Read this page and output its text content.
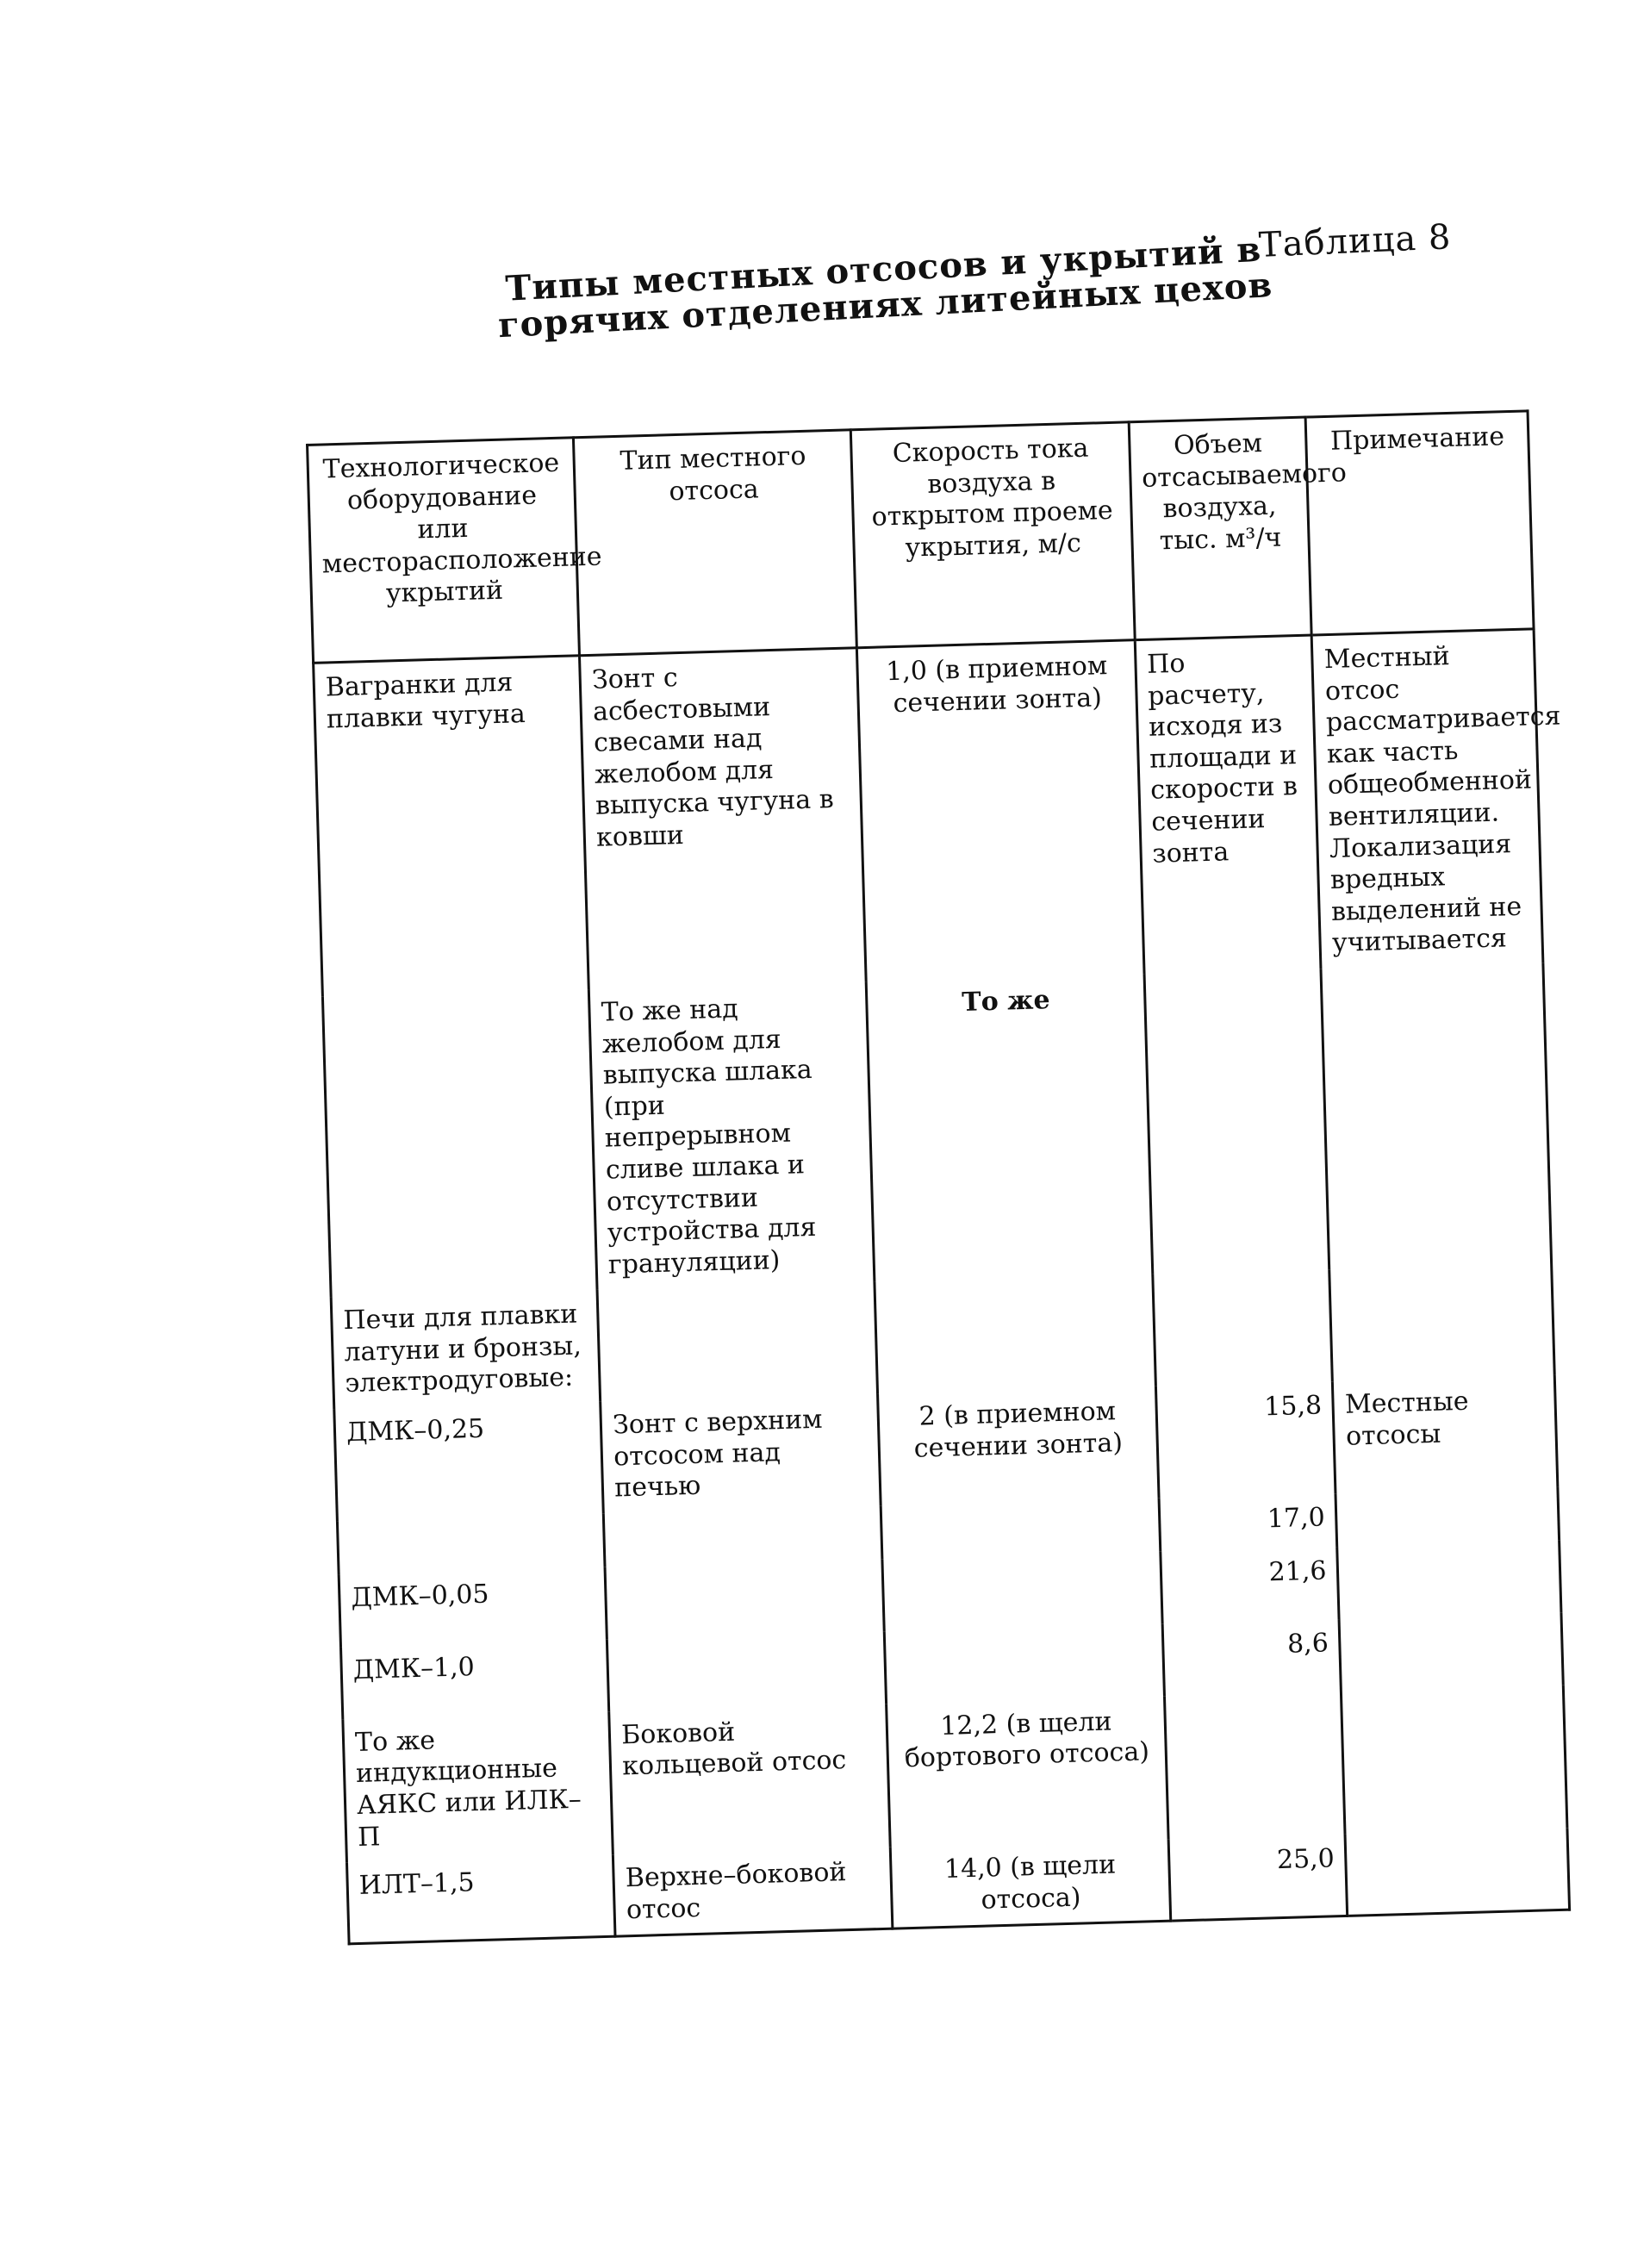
Таблица 8
Типы местных отсосов и укрытий в горячих отделениях литейных цехов
Технологическое оборудование или месторасположение укрытий	Тип местного отсоса	Скорость тока воздуха в открытом проеме укрытия, м/с	Объем отсасываемого воздуха, тыс. м³/ч	Примечание
Вагранки для плавки чугуна	Зонт с асбестовыми свесами над желобом для выпуска чугуна в ковши	1,0 (в приемном сечении зонта)	По расчету, исходя из площади и скорости в сечении зонта	Местный отсос рассматривается как часть общеобменной вентиляции. Локализация вредных выделений не учитывается
	То же над желобом для выпуска шлака (при непрерывном сливе шлака и отсутствии устройства для грануляции)	То же		
Печи для плавки латуни и бронзы, электродуговые:				
ДМК–0,25	Зонт с верхним отсосом над печью	2 (в приемном сечении зонта)	15,8	Местные отсосы
			17,0	
ДМК–0,05			21,6	
ДМК–1,0			8,6	
То же индукционные АЯКС или ИЛК–П	Боковой кольцевой отсос	12,2 (в щели бортового отсоса)		
ИЛТ–1,5	Верхне–боковой отсос	14,0 (в щели отсоса)	25,0	
